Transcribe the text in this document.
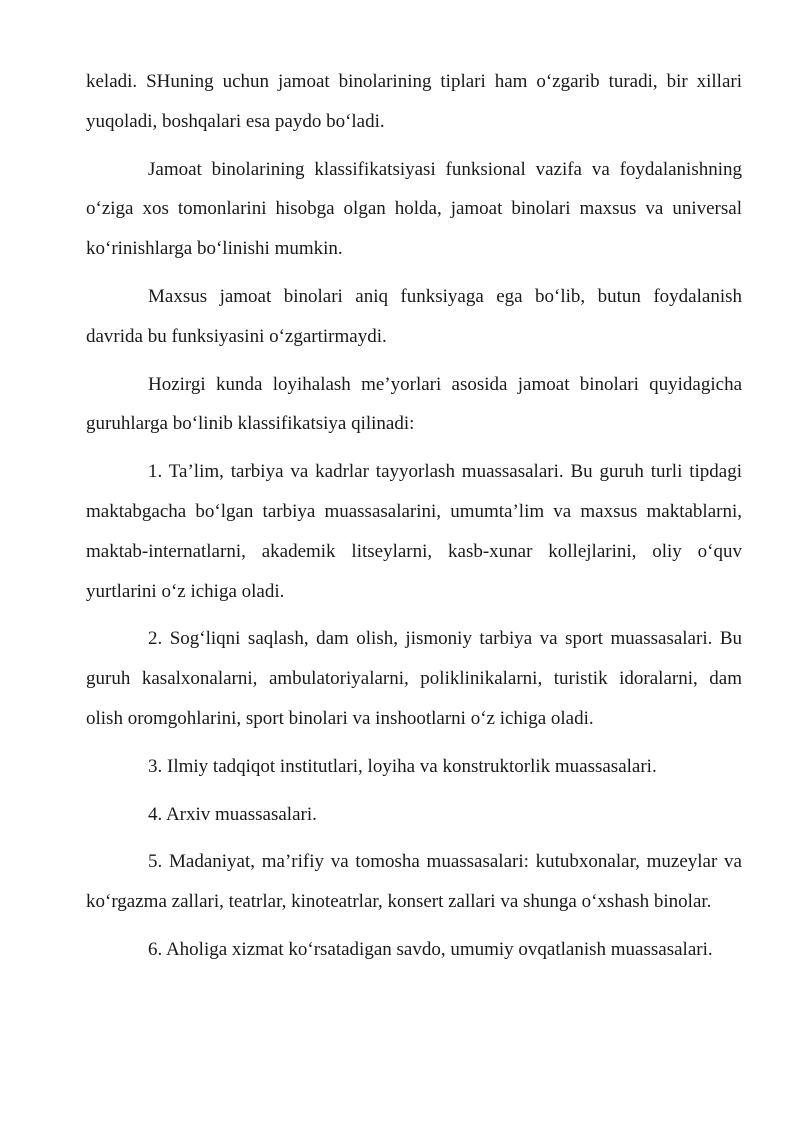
keladi. SHuning uchun jamoat binolarining tiplari ham o‘zgarib turadi, bir xillari yuqoladi, boshqalari esa paydo bo‘ladi.

Jamoat binolarining klassifikatsiyasi funksional vazifa va foydalanishning o‘ziga xos tomonlarini hisobga olgan holda, jamoat binolari maxsus va universal ko‘rinishlarga bo‘linishi mumkin.

Maxsus jamoat binolari aniq funksiyaga ega bo‘lib, butun foydalanish davrida bu funksiyasini o‘zgartirmaydi.

Hozirgi kunda loyihalash me’yorlari asosida jamoat binolari quyidagicha guruhlarga bo‘linib klassifikatsiya qilinadi:

1. Ta’lim, tarbiya va kadrlar tayyorlash muassasalari. Bu guruh turli tipdagi maktabgacha bo‘lgan tarbiya muassasalarini, umumta’lim va maxsus maktablarni, maktab-internatlarni, akademik litseylarni, kasb-xunar kollejlarini, oliy o‘quv yurtlarini o‘z ichiga oladi.

2. Sog‘liqni saqlash, dam olish, jismoniy tarbiya va sport muassasalari. Bu guruh kasalxonalarni, ambulatoriyalarni, poliklinikalarni, turistik idoralarni, dam olish oromgohlarini, sport binolari va inshootlarni o‘z ichiga oladi.

3. Ilmiy tadqiqot institutlari, loyiha va konstruktorlik muassasalari.

4. Arxiv muassasalari.

5. Madaniyat, ma’rifiy va tomosha muassasalari: kutubxonalar, muzeylar va ko‘rgazma zallari, teatrlar, kinoteatrlar, konsert zallari va shunga o‘xshash binolar.

6. Aholiga xizmat ko‘rsatadigan savdo, umumiy ovqatlanish muassasalari.
